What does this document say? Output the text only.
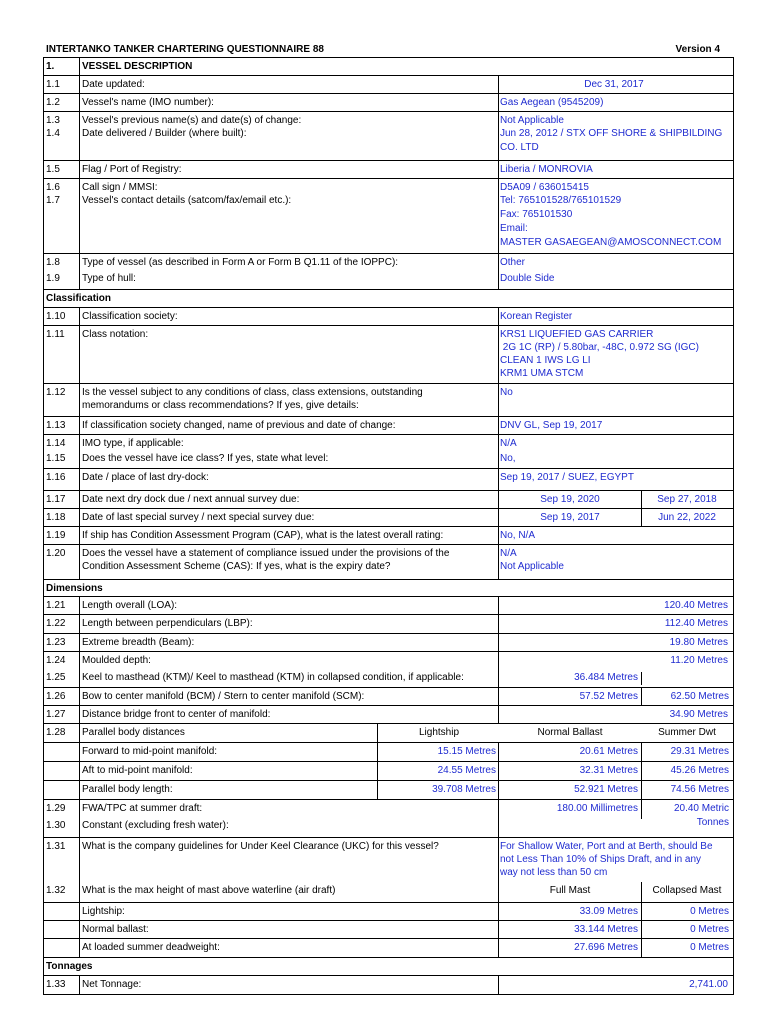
INTERTANKO TANKER CHARTERING QUESTIONNAIRE 88	Version 4
1.	VESSEL DESCRIPTION
1.1	Date updated:	Dec 31, 2017
1.2	Vessel's name (IMO number):	Gas Aegean (9545209)
1.3	Vessel's previous name(s) and date(s) of change:	Not Applicable
1.4	Date delivered / Builder (where built):	Jun 28, 2012 / STX OFF SHORE & SHIPBILDING
CO. LTD
1.5	Flag / Port of Registry:	Liberia / MONROVIA
1.6	Call sign / MMSI:	D5A09 / 636015415
1.7	Vessel's contact details (satcom/fax/email etc.):	Tel: 765101528/765101529
Fax: 765101530
Email:
MASTER GASAEGEAN@AMOSCONNECT.COM
1.8	Type of vessel (as described in Form A or Form B Q1.11 of the IOPPC):	Other
1.9	Type of hull:	Double Side
Classification
1.10	Classification society:	Korean Register
1.11	Class notation:	KRS1 LIQUEFIED GAS CARRIER
2G 1C (RP) / 5.80bar, -48C, 0.972 SG (IGC)
CLEAN 1 IWS LG LI
KRM1 UMA STCM
1.12	Is the vessel subject to any conditions of class, class extensions, outstanding
memorandums or class recommendations? If yes, give details:
No
1.13	If classification society changed, name of previous and date of change:	DNV GL, Sep 19, 2017
1.14	IMO type, if applicable:	N/A
1.15	Does the vessel have ice class? If yes, state what level:	No,
1.16	Date / place of last dry-dock:	Sep 19, 2017 / SUEZ, EGYPT
1.17	Date next dry dock due / next annual survey due:	Sep 19, 2020	Sep 27, 2018
1.18	Date of last special survey / next special survey due:	Sep 19, 2017	Jun 22, 2022
1.19	If ship has Condition Assessment Program (CAP), what is the latest overall rating:	No, N/A
1.20	Does the vessel have a statement of compliance issued under the provisions of the
Condition Assessment Scheme (CAS): If yes, what is the expiry date?
N/A
Not Applicable
Dimensions
1.21	Length overall (LOA):	120.40 Metres
1.22	Length between perpendiculars (LBP):	112.40 Metres
1.23	Extreme breadth (Beam):	19.80 Metres
1.24	Moulded depth:	11.20 Metres
1.25	Keel to masthead (KTM)/ Keel to masthead (KTM) in collapsed condition, if applicable:	36.484 Metres
1.26	Bow to center manifold (BCM) / Stern to center manifold (SCM):	57.52 Metres	62.50 Metres
1.27	Distance bridge front to center of manifold:	34.90 Metres
1.28	Parallel body distances	Lightship	Normal Ballast	Summer Dwt
Forward to mid-point manifold:	15.15 Metres	20.61 Metres	29.31 Metres
Aft to mid-point manifold:	24.55 Metres	32.31 Metres	45.26 Metres
Parallel body length:	39.708 Metres	52.921 Metres	74.56 Metres
1.29	FWA/TPC at summer draft:	180.00 Millimetres	20.40 Metric Tonnes
1.30	Constant (excluding fresh water):
1.31	What is the company guidelines for Under Keel Clearance (UKC) for this vessel?	For Shallow Water, Port and at Berth, should Be
not Less Than 10% of Ships Draft, and in any
way not less than 50 cm
1.32	What is the max height of mast above waterline (air draft)	Full Mast	Collapsed Mast
Lightship:	33.09 Metres	0 Metres
Normal ballast:	33.144 Metres	0 Metres
At loaded summer deadweight:	27.696 Metres	0 Metres
Tonnages
1.33	Net Tonnage:	2,741.00
